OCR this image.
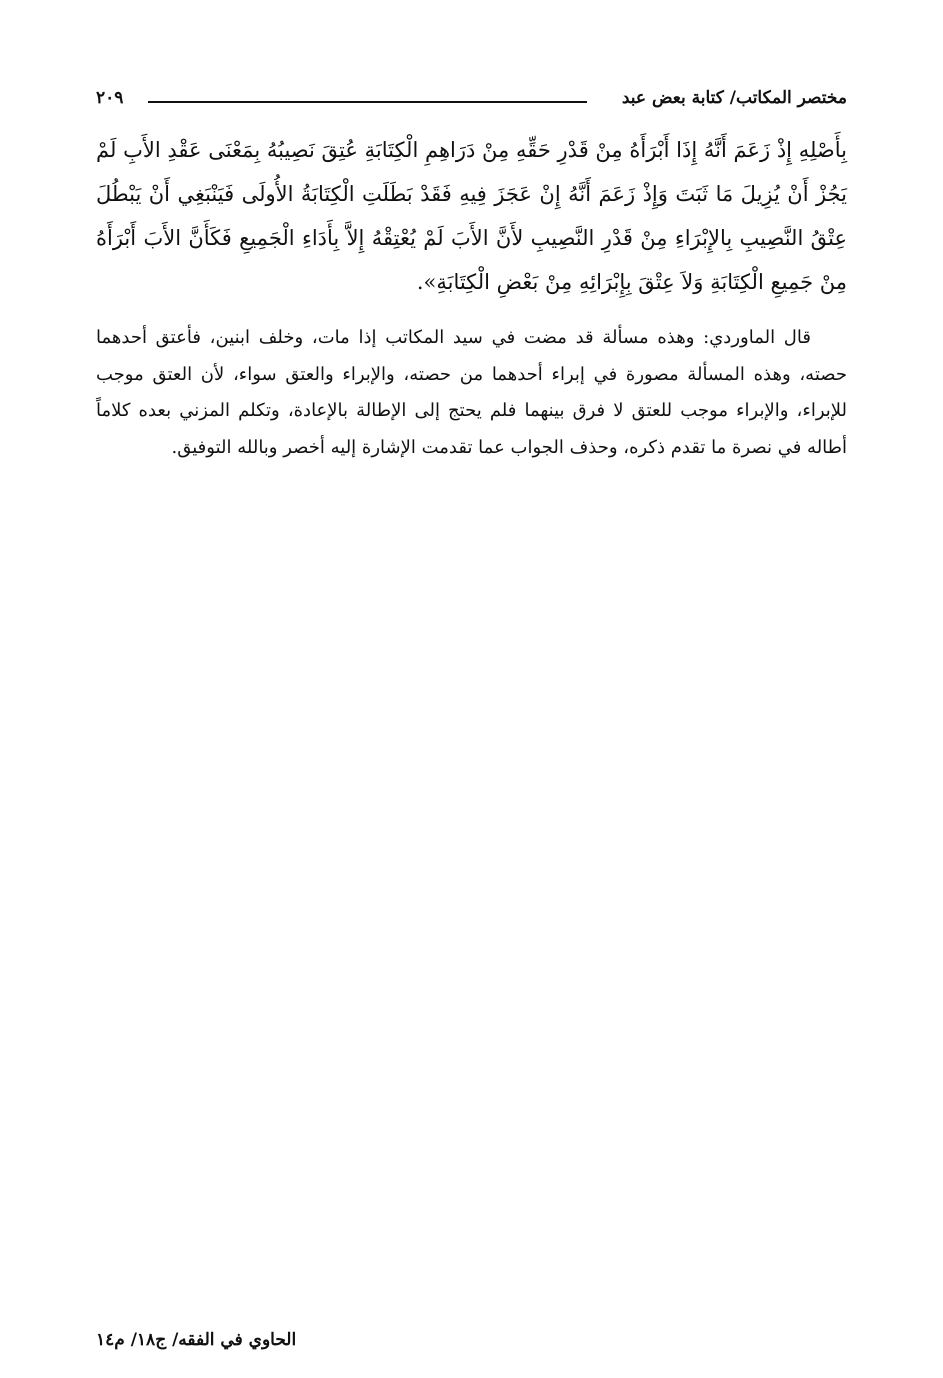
مختصر المكاتب/ كتابة بعض عبد
٢٠٩
بِأَصْلِهِ إِذْ زَعَمَ أَنَّهُ إِذَا أَبْرَأَهُ مِنْ قَدْرِ حَقِّهِ مِنْ دَرَاهِمِ الْكِتَابَةِ عُتِقَ نَصِيبُهُ بِمَعْنَى عَقْدِ الأَبِ لَمْ يَجُزْ أَنْ يُزِيلَ مَا ثَبَتَ وَإِذْ زَعَمَ أَنَّهُ إِنْ عَجَزَ فِيهِ فَقَدْ بَطَلَتِ الْكِتَابَةُ الأُولَى فَيَنْبَغِي أَنْ يَبْطُلَ عِتْقُ النَّصِيبِ بِالإِبْرَاءِ مِنْ قَدْرِ النَّصِيبِ لأَنَّ الأَبَ لَمْ يُعْتِقْهُ إِلاَّ بِأَدَاءِ الْجَمِيعِ فَكَأَنَّ الأَبَ أَبْرَأَهُ مِنْ جَمِيعِ الْكِتَابَةِ وَلاَ عِتْقَ بِإِبْرَائِهِ مِنْ بَعْضِ الْكِتَابَةِ».
قال الماوردي: وهذه مسألة قد مضت في سيد المكاتب إذا مات، وخلف ابنين، فأعتق أحدهما حصته، وهذه المسألة مصورة في إبراء أحدهما من حصته، والإبراء والعتق سواء، لأن العتق موجب للإبراء، والإبراء موجب للعتق لا فرق بينهما فلم يحتج إلى الإطالة بالإعادة، وتكلم المزني بعده كلاماً أطاله في نصرة ما تقدم ذكره، وحذف الجواب عما تقدمت الإشارة إليه أخصر وبالله التوفيق.
الحاوي في الفقه/ ج١٨/ م١٤
